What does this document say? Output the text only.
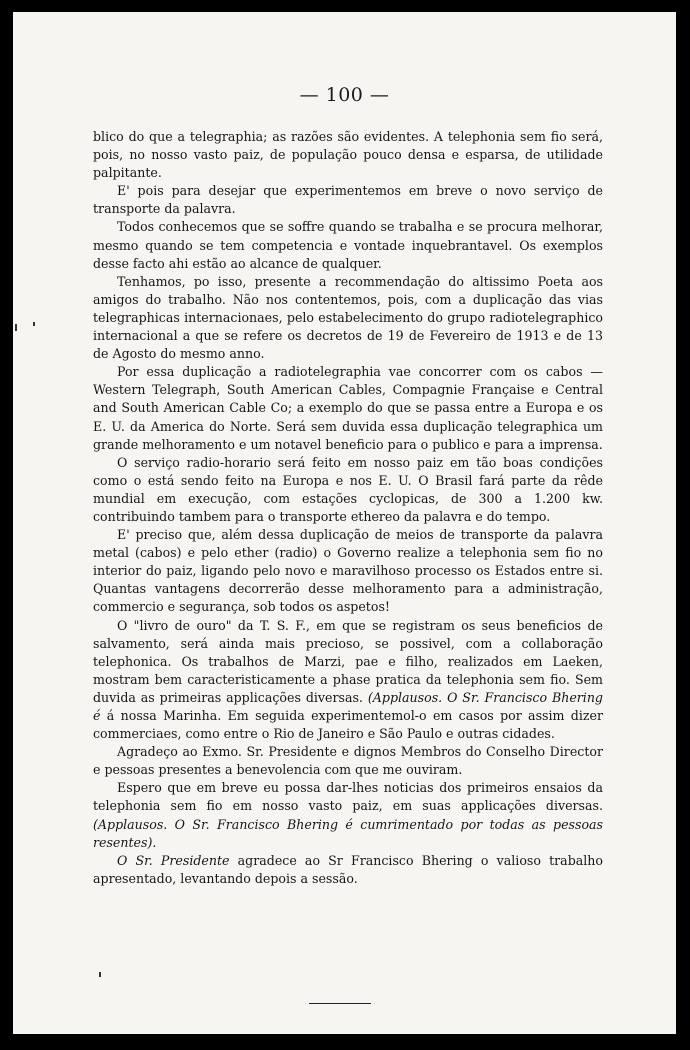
— 100 —

blico do que a telegraphia; as razões são evidentes. A telephonia sem fio será, pois, no nosso vasto paiz, de população pouco densa e esparsa, de utilidade palpitante.

E' pois para desejar que experimentemos em breve o novo serviço de transporte da palavra.

Todos conhecemos que se soffre quando se trabalha e se procura melhorar, mesmo quando se tem competencia e vontade inquebrantavel. Os exemplos desse facto ahi estão ao alcance de qualquer.

Tenhamos, po isso, presente a recommendação do altissimo Poeta aos amigos do trabalho. Não nos contentemos, pois, com a duplicação das vias telegraphicas internacionaes, pelo estabelecimento do grupo radiotelegraphico internacional a que se refere os decretos de 19 de Fevereiro de 1913 e de 13 de Agosto do mesmo anno.

Por essa duplicação a radiotelegraphia vae concorrer com os cabos — Western Telegraph, South American Cables, Compagnie Française e Central and South American Cable Co; a exemplo do que se passa entre a Europa e os E. U. da America do Norte. Será sem duvida essa duplicação telegraphica um grande melhoramento e um notavel beneficio para o publico e para a imprensa.

O serviço radio-horario será feito em nosso paiz em tão boas condições como o está sendo feito na Europa e nos E. U. O Brasil fará parte da rêde mundial em execução, com estações cyclopicas, de 300 a 1.200 kw. contribuindo tambem para o transporte ethereo da palavra e do tempo.

E' preciso que, além dessa duplicação de meios de transporte da palavra metal (cabos) e pelo ether (radio) o Governo realize a telephonia sem fio no interior do paiz, ligando pelo novo e maravilhoso processo os Estados entre si. Quantas vantagens decorrerão desse melhoramento para a administração, commercio e segurança, sob todos os aspetos!

O "livro de ouro" da T. S. F., em que se registram os seus beneficios de salvamento, será ainda mais precioso, se possivel, com a collaboração telephonica. Os trabalhos de Marzi, pae e filho, realizados em Laeken, mostram bem caracteristicamente a phase pratica da telephonia sem fio. Sem duvida as primeiras applicações diversas. (Applausos. O Sr. Francisco Bhering é á nossa Marinha. Em seguida experimentemol-o em casos por assim dizer commerciaes, como entre o Rio de Janeiro e São Paulo e outras cidades.

Agradeço ao Exmo. Sr. Presidente e dignos Membros do Conselho Director e pessoas presentes a benevolencia com que me ouviram.

Espero que em breve eu possa dar-lhes noticias dos primeiros ensaios da telephonia sem fio em nosso vasto paiz, em suas applicações diversas. (Applausos. O Sr. Francisco Bhering é cumrimentado por todas as pessoas resentes).

O Sr. Presidente agradece ao Sr Francisco Bhering o valioso trabalho apresentado, levantando depois a sessão.
